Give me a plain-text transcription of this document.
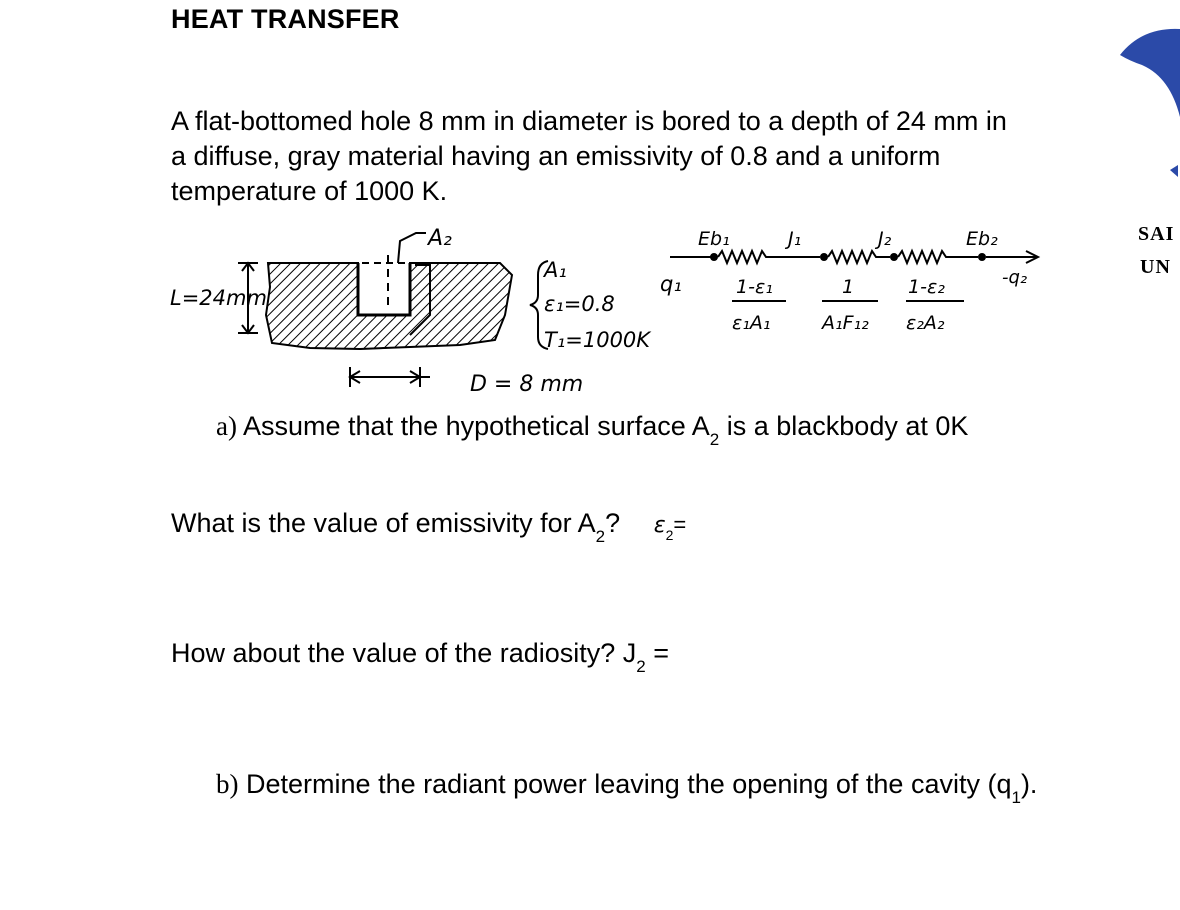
HEAT TRANSFER
A flat-bottomed hole 8 mm in diameter is bored to a depth of 24 mm in
a diffuse, gray material having an emissivity of 0.8 and a uniform
temperature of 1000 K.
A₂
L=24mm
D = 8 mm
A₁
ε₁=0.8
T₁=1000K
q₁	-q₂
Eb₁	J₁	J₂	Eb₂
1-ε₁
ε₁A₁
1
A₁F₁₂
1-ε₂
ε₂A₂
a) Assume that the hypothetical surface $A_2$ is a blackbody at 0K
What is the value of emissivity for $A_2$? $\varepsilon_2=$
How about the value of the radiosity? $J_2$ =
b) Determine the radiant power leaving the opening of the cavity $(q_1)$.
SAI
UN
